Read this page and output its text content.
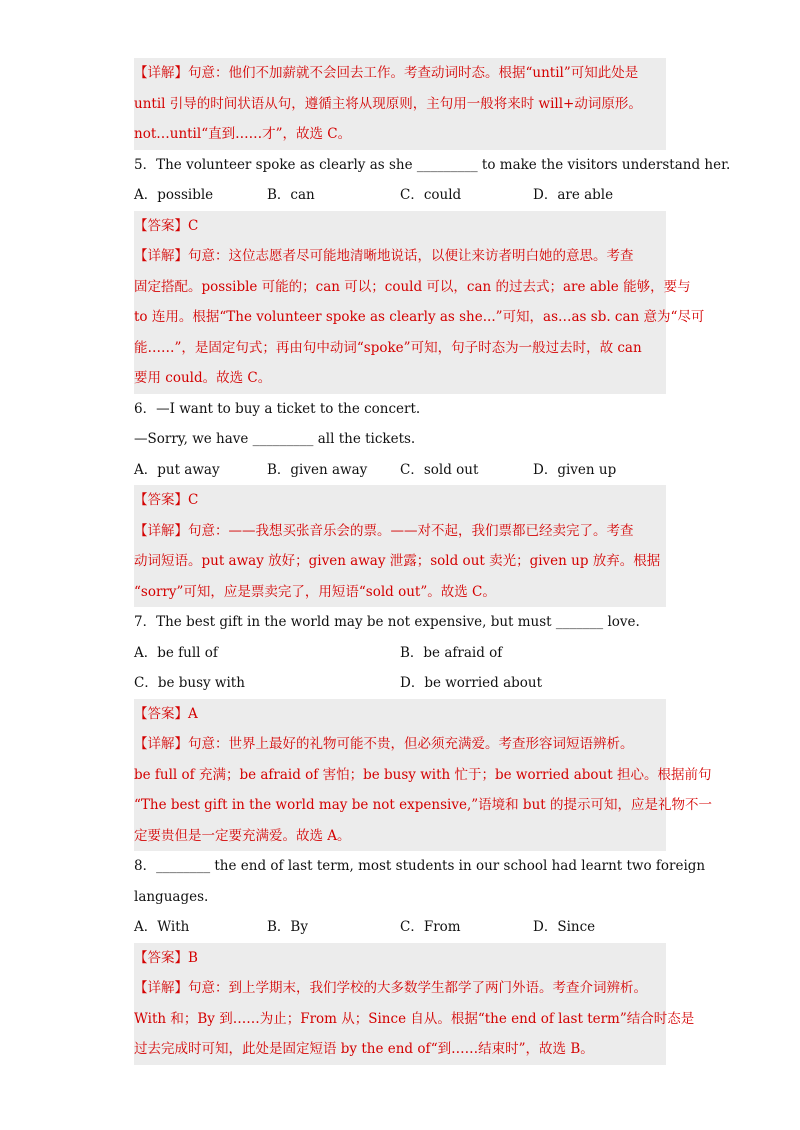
【详解】句意：他们不加薪就不会回去工作。考查动词时态。根据“until”可知此处是
until 引导的时间状语从句，遵循主将从现原则，主句用一般将来时 will+动词原形。
not…until“直到……才”，故选 C。
5．The volunteer spoke as clearly as she _________ to make the visitors understand her.
A．possible	B．can	C．could	D．are able
【答案】C
【详解】句意：这位志愿者尽可能地清晰地说话，以便让来访者明白她的意思。考查
固定搭配。possible 可能的；can 可以；could 可以，can 的过去式；are able 能够，要与
to 连用。根据“The volunteer spoke as clearly as she...”可知，as…as sb. can 意为“尽可
能……”，是固定句式；再由句中动词“spoke”可知，句子时态为一般过去时，故 can
要用 could。故选 C。
6．—I want to buy a ticket to the concert.
—Sorry, we have _________ all the tickets.
A．put away	B．given away	C．sold out	D．given up
【答案】C
【详解】句意：——我想买张音乐会的票。——对不起，我们票都已经卖完了。考查
动词短语。put away 放好；given away 泄露；sold out 卖光；given up 放弃。根据
“sorry”可知，应是票卖完了，用短语“sold out”。故选 C。
7．The best gift in the world may be not expensive, but must _______ love.
A．be full of	B．be afraid of
C．be busy with	D．be worried about
【答案】A
【详解】句意：世界上最好的礼物可能不贵，但必须充满爱。考查形容词短语辨析。
be full of 充满；be afraid of 害怕；be busy with 忙于；be worried about 担心。根据前句
“The best gift in the world may be not expensive,”语境和 but 的提示可知，应是礼物不一
定要贵但是一定要充满爱。故选 A。
8．________ the end of last term, most students in our school had learnt two foreign
languages.
A．With	B．By	C．From	D．Since
【答案】B
【详解】句意：到上学期末，我们学校的大多数学生都学了两门外语。考查介词辨析。
With 和；By 到……为止；From 从；Since 自从。根据“the end of last term”结合时态是
过去完成时可知，此处是固定短语 by the end of“到……结束时”，故选 B。
